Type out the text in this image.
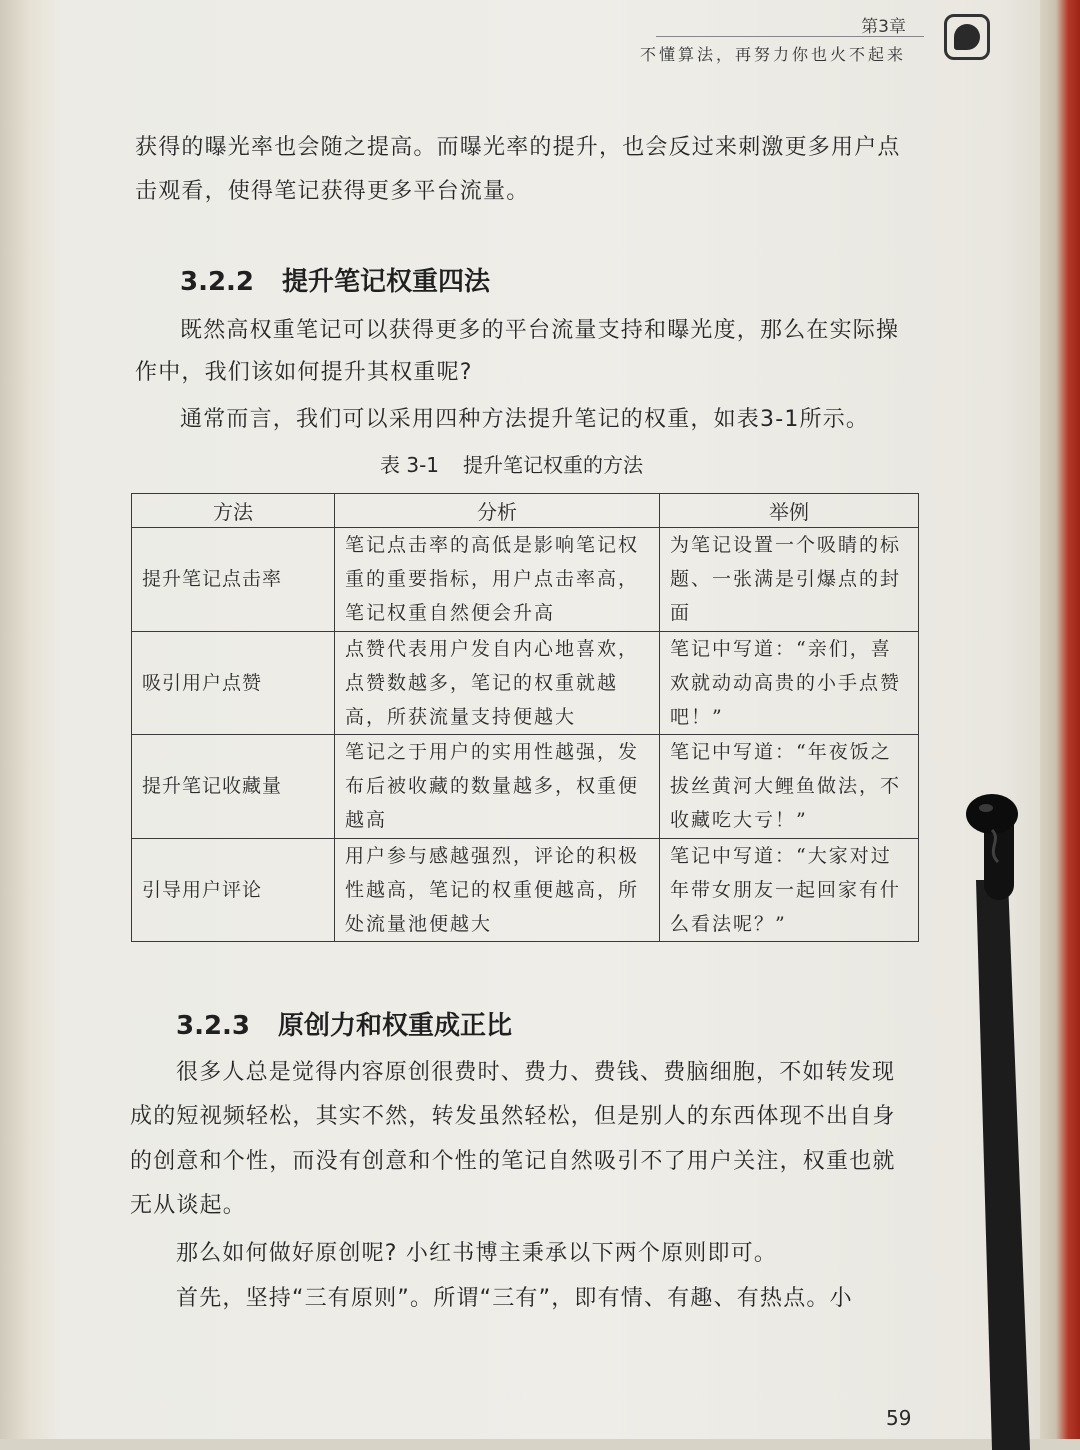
第3章
不懂算法，再努力你也火不起来
获得的曝光率也会随之提高。而曝光率的提升，也会反过来刺激更多用户点
击观看，使得笔记获得更多平台流量。
3.2.2 提升笔记权重四法
既然高权重笔记可以获得更多的平台流量支持和曝光度，那么在实际操
作中，我们该如何提升其权重呢?
通常而言，我们可以采用四种方法提升笔记的权重，如表3-1所示。
表 3-1 提升笔记权重的方法
方法	分析	举例
提升笔记点击率	笔记点击率的高低是影响笔记权重的重要指标，用户点击率高，笔记权重自然便会升高	为笔记设置一个吸睛的标题、一张满是引爆点的封面
吸引用户点赞	点赞代表用户发自内心地喜欢，点赞数越多，笔记的权重就越高，所获流量支持便越大	笔记中写道：“亲们，喜欢就动动高贵的小手点赞吧！”
提升笔记收藏量	笔记之于用户的实用性越强，发布后被收藏的数量越多，权重便越高	笔记中写道：“年夜饭之拔丝黄河大鲤鱼做法，不收藏吃大亏！”
引导用户评论	用户参与感越强烈，评论的积极性越高，笔记的权重便越高，所处流量池便越大	笔记中写道：“大家对过年带女朋友一起回家有什么看法呢？”
3.2.3 原创力和权重成正比
很多人总是觉得内容原创很费时、费力、费钱、费脑细胞，不如转发现
成的短视频轻松，其实不然，转发虽然轻松，但是别人的东西体现不出自身
的创意和个性，而没有创意和个性的笔记自然吸引不了用户关注，权重也就
无从谈起。
那么如何做好原创呢? 小红书博主秉承以下两个原则即可。
首先，坚持“三有原则”。所谓“三有”，即有情、有趣、有热点。小
59
